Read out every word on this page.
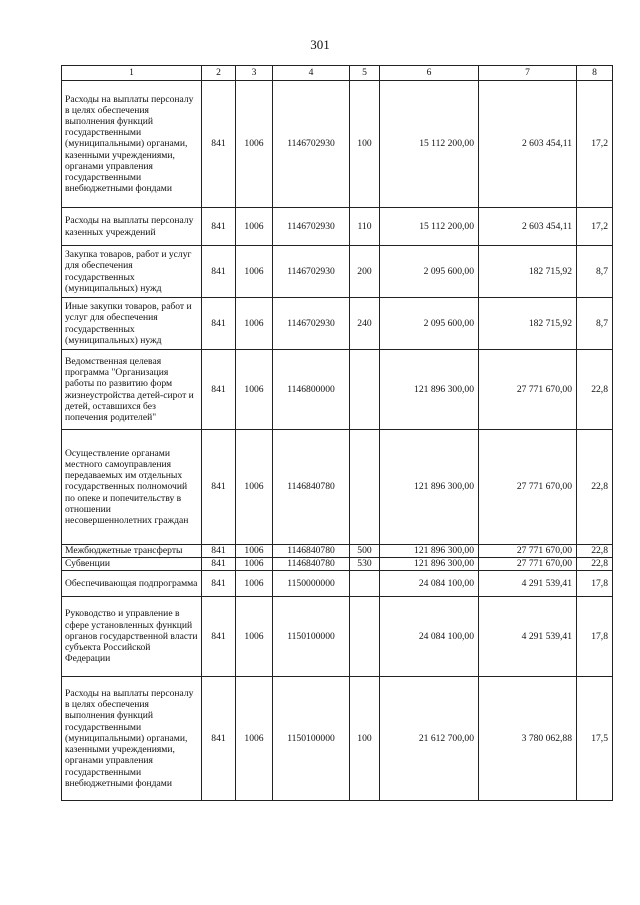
301
1	2	3	4	5	6	7	8
Расходы на выплаты персоналу в целях обеспечения выполнения функций государственными (муниципальными) органами, казенными учреждениями, органами управления государственными внебюджетными фондами	841	1006	1146702930	100	15 112 200,00	2 603 454,11	17,2
Расходы на выплаты персоналу казенных учреждений	841	1006	1146702930	110	15 112 200,00	2 603 454,11	17,2
Закупка товаров, работ и услуг для обеспечения государственных (муниципальных) нужд	841	1006	1146702930	200	2 095 600,00	182 715,92	8,7
Иные закупки товаров, работ и услуг для обеспечения государственных (муниципальных) нужд	841	1006	1146702930	240	2 095 600,00	182 715,92	8,7
Ведомственная целевая программа "Организация работы по развитию форм жизнеустройства детей-сирот и детей, оставшихся без попечения родителей"	841	1006	1146800000		121 896 300,00	27 771 670,00	22,8
Осуществление органами местного самоуправления передаваемых им отдельных государственных полномочий по опеке и попечительству в отношении несовершеннолетних граждан	841	1006	1146840780		121 896 300,00	27 771 670,00	22,8
Межбюджетные трансферты	841	1006	1146840780	500	121 896 300,00	27 771 670,00	22,8
Субвенции	841	1006	1146840780	530	121 896 300,00	27 771 670,00	22,8
Обеспечивающая подпрограмма	841	1006	1150000000		24 084 100,00	4 291 539,41	17,8
Руководство и управление в сфере установленных функций органов государственной власти субъекта Российской Федерации	841	1006	1150100000		24 084 100,00	4 291 539,41	17,8
Расходы на выплаты персоналу в целях обеспечения выполнения функций государственными (муниципальными) органами, казенными учреждениями, органами управления государственными внебюджетными фондами	841	1006	1150100000	100	21 612 700,00	3 780 062,88	17,5
